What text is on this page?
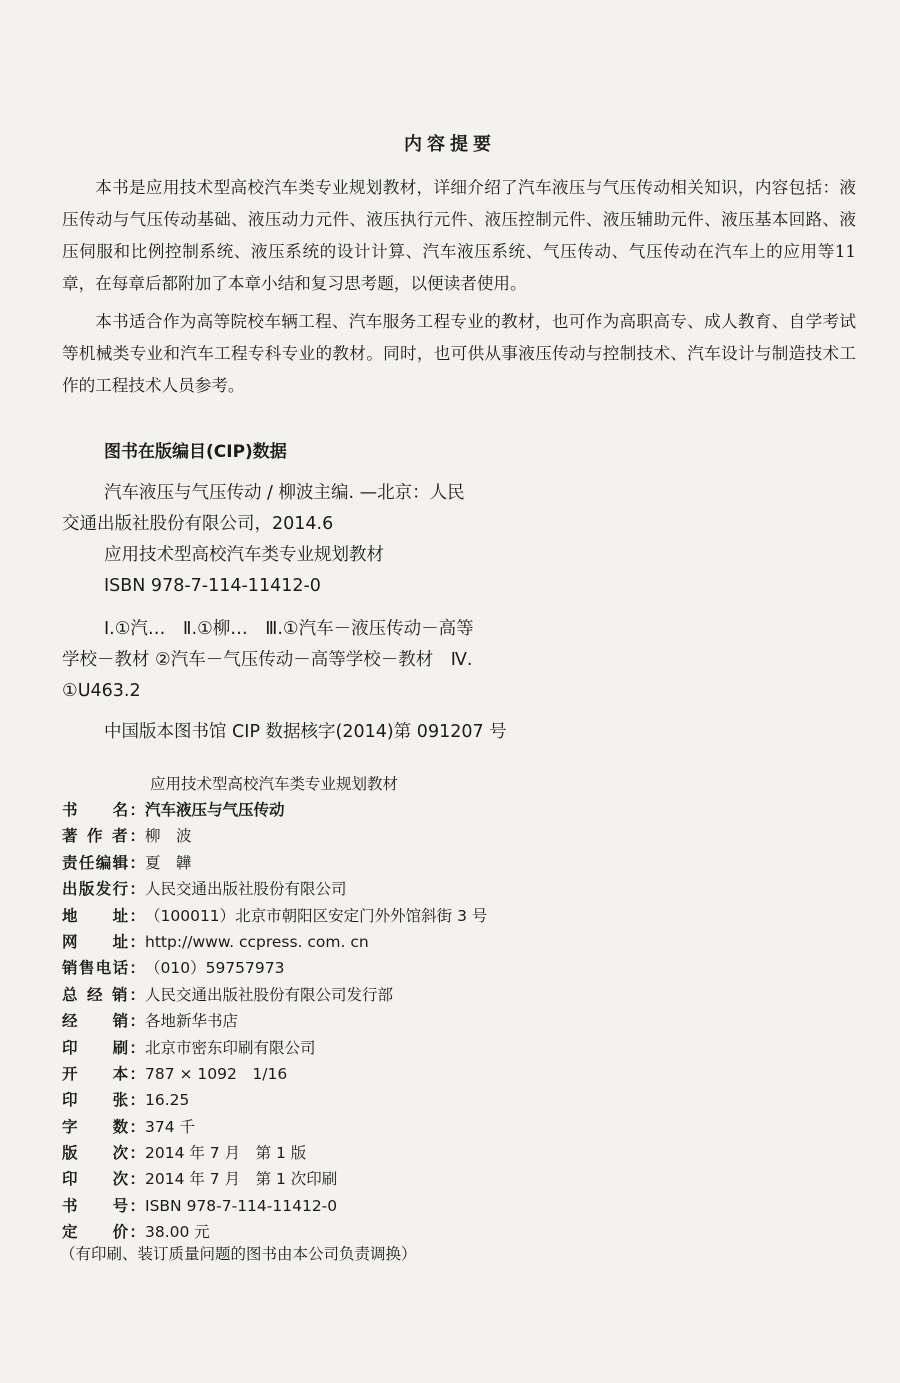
内容提要

本书是应用技术型高校汽车类专业规划教材，详细介绍了汽车液压与气压传动相关知识，内容包括：液压传动与气压传动基础、液压动力元件、液压执行元件、液压控制元件、液压辅助元件、液压基本回路、液压伺服和比例控制系统、液压系统的设计计算、汽车液压系统、气压传动、气压传动在汽车上的应用等11章，在每章后都附加了本章小结和复习思考题，以便读者使用。

本书适合作为高等院校车辆工程、汽车服务工程专业的教材，也可作为高职高专、成人教育、自学考试等机械类专业和汽车工程专科专业的教材。同时，也可供从事液压传动与控制技术、汽车设计与制造技术工作的工程技术人员参考。

图书在版编目(CIP)数据
汽车液压与气压传动 / 柳波主编. —北京：人民
交通出版社股份有限公司，2014.6
应用技术型高校汽车类专业规划教材
ISBN 978-7-114-11412-0
Ⅰ.①汽…　Ⅱ.①柳…　Ⅲ.①汽车－液压传动－高等
学校－教材 ②汽车－气压传动－高等学校－教材　Ⅳ.
①U463.2
中国版本图书馆 CIP 数据核字(2014)第 091207 号
应用技术型高校汽车类专业规划教材
书　　名： 汽车液压与气压传动
著 作 者： 柳　波
责任编辑： 夏　韡
出版发行： 人民交通出版社股份有限公司
地　　址： （100011）北京市朝阳区安定门外外馆斜街 3 号
网　　址： http://www. ccpress. com. cn
销售电话： （010）59757973
总 经 销： 人民交通出版社股份有限公司发行部
经　　销： 各地新华书店
印　　刷： 北京市密东印刷有限公司
开　　本： 787 × 1092　1/16
印　　张： 16.25
字　　数： 374 千
版　　次： 2014 年 7 月　第 1 版
印　　次： 2014 年 7 月　第 1 次印刷
书　　号： ISBN 978-7-114-11412-0
定　　价： 38.00 元
（有印刷、装订质量问题的图书由本公司负责调换）
